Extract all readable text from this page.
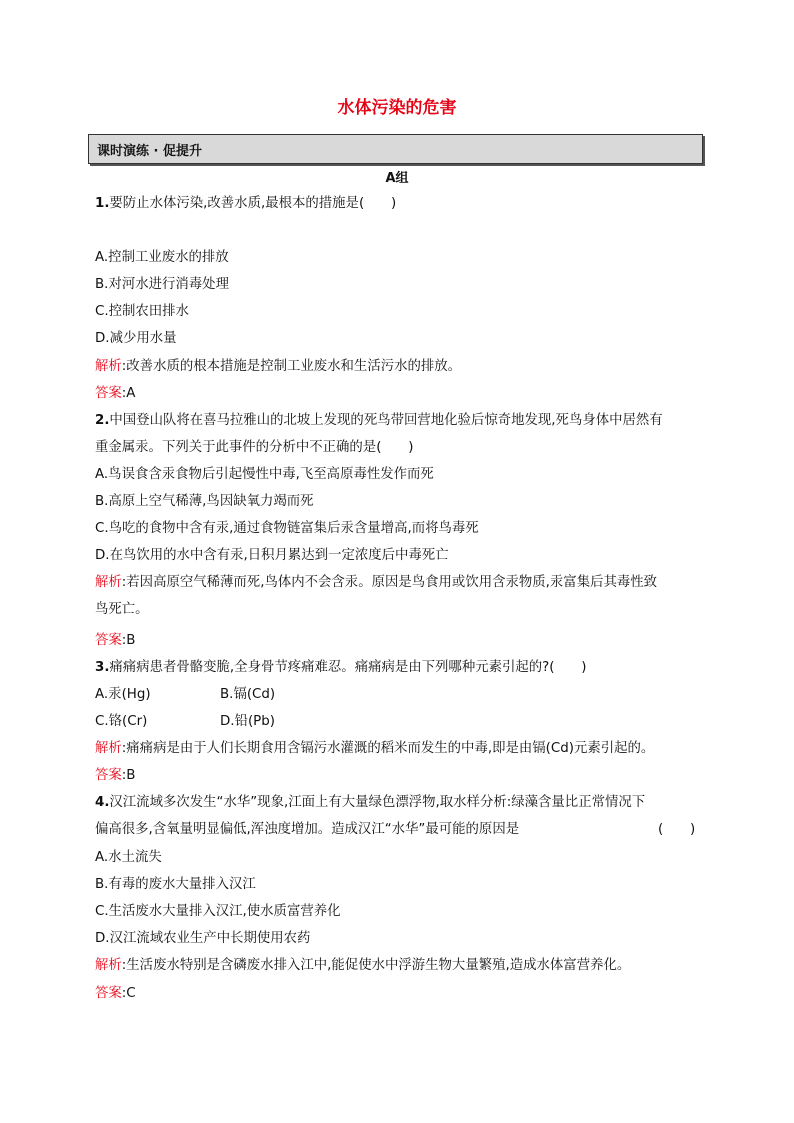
水体污染的危害
课时演练 · 促提升
A组
1.要防止水体污染,改善水质,最根本的措施是(　　)
A.控制工业废水的排放
B.对河水进行消毒处理
C.控制农田排水
D.减少用水量
解析:改善水质的根本措施是控制工业废水和生活污水的排放。
答案:A
2.中国登山队将在喜马拉雅山的北坡上发现的死鸟带回营地化验后惊奇地发现,死鸟身体中居然有
重金属汞。下列关于此事件的分析中不正确的是(　　)
A.鸟误食含汞食物后引起慢性中毒,飞至高原毒性发作而死
B.高原上空气稀薄,鸟因缺氧力竭而死
C.鸟吃的食物中含有汞,通过食物链富集后汞含量增高,而将鸟毒死
D.在鸟饮用的水中含有汞,日积月累达到一定浓度后中毒死亡
解析:若因高原空气稀薄而死,鸟体内不会含汞。原因是鸟食用或饮用含汞物质,汞富集后其毒性致
鸟死亡。
答案:B
3.痛痛病患者骨骼变脆,全身骨节疼痛难忍。痛痛病是由下列哪种元素引起的?(　　)
A.汞(Hg)	B.镉(Cd)
C.铬(Cr)	D.铅(Pb)
解析:痛痛病是由于人们长期食用含镉污水灌溉的稻米而发生的中毒,即是由镉(Cd)元素引起的。
答案:B
4.汉江流域多次发生“水华”现象,江面上有大量绿色漂浮物,取水样分析:绿藻含量比正常情况下
偏高很多,含氧量明显偏低,浑浊度增加。造成汉江“水华”最可能的原因是	(　　)
A.水土流失
B.有毒的废水大量排入汉江
C.生活废水大量排入汉江,使水质富营养化
D.汉江流域农业生产中长期使用农药
解析:生活废水特别是含磷废水排入江中,能促使水中浮游生物大量繁殖,造成水体富营养化。
答案:C
